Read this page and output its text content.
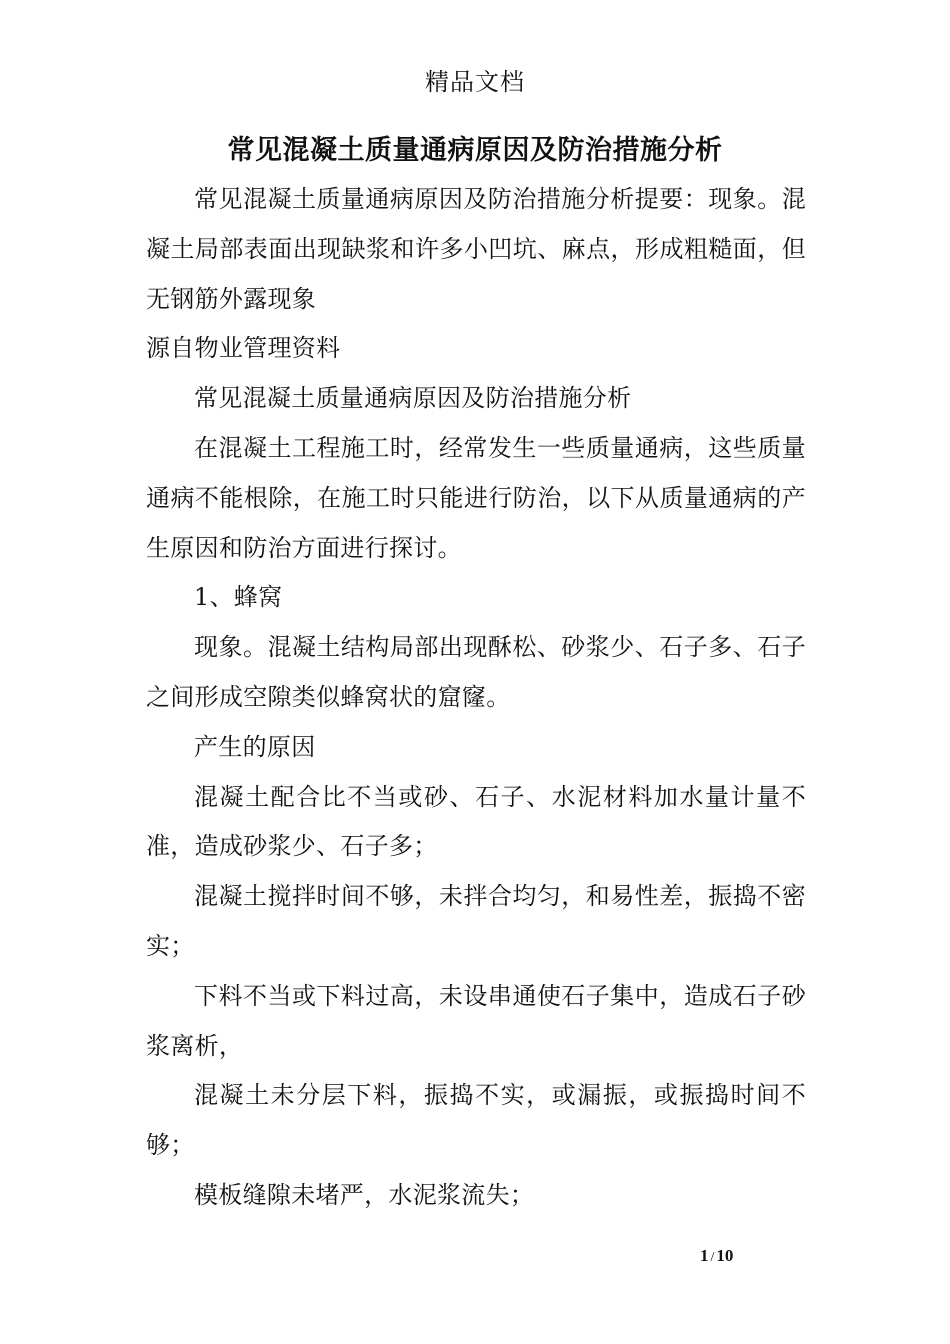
精品文档
常见混凝土质量通病原因及防治措施分析

常见混凝土质量通病原因及防治措施分析提要：现象。混凝土局部表面出现缺浆和许多小凹坑、麻点，形成粗糙面，但无钢筋外露现象

源自物业管理资料

常见混凝土质量通病原因及防治措施分析

在混凝土工程施工时，经常发生一些质量通病，这些质量通病不能根除，在施工时只能进行防治，以下从质量通病的产生原因和防治方面进行探讨。

1、蜂窝

现象。混凝土结构局部出现酥松、砂浆少、石子多、石子之间形成空隙类似蜂窝状的窟窿。

产生的原因

混凝土配合比不当或砂、石子、水泥材料加水量计量不准，造成砂浆少、石子多；

混凝土搅拌时间不够，未拌合均匀，和易性差，振捣不密实；

下料不当或下料过高，未设串通使石子集中，造成石子砂浆离析，

混凝土未分层下料，振捣不实，或漏振，或振捣时间不够；

模板缝隙未堵严，水泥浆流失；

1 / 10
